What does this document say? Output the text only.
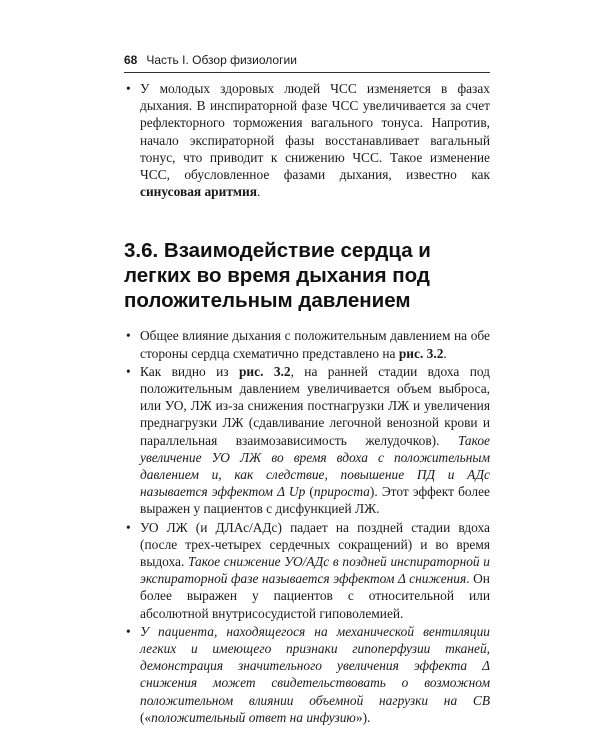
68 Часть I. Обзор физиологии

• У молодых здоровых людей ЧСС изменяется в фазах дыхания. В инспираторной фазе ЧСС увеличивается за счет рефлекторного торможения вагального тонуса. Напротив, начало экспираторной фазы восстанавливает вагальный тонус, что приводит к снижению ЧСС. Такое изменение ЧСС, обусловленное фазами дыхания, известно как синусовая аритмия.

3.6. Взаимодействие сердца и легких во время дыхания под положительным давлением

• Общее влияние дыхания с положительным давлением на обе стороны сердца схематично представлено на рис. 3.2.

• Как видно из рис. 3.2, на ранней стадии вдоха под положительным давлением увеличивается объем выброса, или УО, ЛЖ из-за снижения постнагрузки ЛЖ и увеличения преднагрузки ЛЖ (сдавливание легочной венозной крови и параллельная взаимозависимость желудочков). Такое увеличение УО ЛЖ во время вдоха с положительным давлением и, как следствие, повышение ПД и АДс называется эффектом Δ Up (прироста). Этот эффект более выражен у пациентов с дисфункцией ЛЖ.

• УО ЛЖ (и ДЛАс/АДс) падает на поздней стадии вдоха (после трех-четырех сердечных сокращений) и во время выдоха. Такое снижение УО/АДс в поздней инспираторной и экспираторной фазе называется эффектом Δ снижения. Он более выражен у пациентов с относительной или абсолютной внутрисосудистой гиповолемией.

• У пациента, находящегося на механической вентиляции легких и имеющего признаки гипоперфузии тканей, демонстрация значительного увеличения эффекта Δ снижения может свидетельствовать о возможном положительном влиянии объемной нагрузки на СВ («положительный ответ на инфузию»).
